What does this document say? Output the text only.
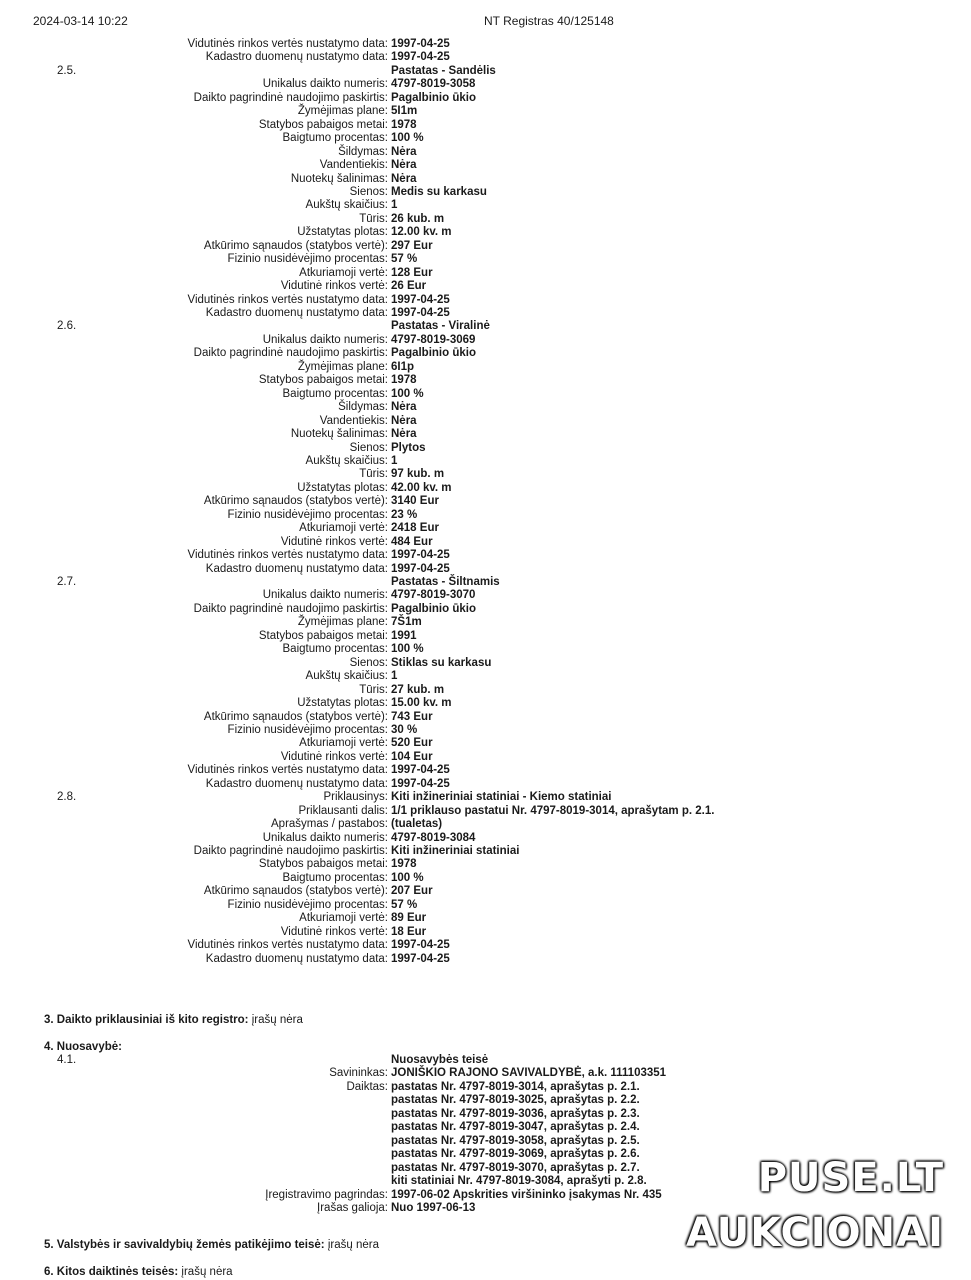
2024-03-14 10:22	NT Registras 40/125148
Vidutinės rinkos vertės nustatymo data: 1997-04-25
Kadastro duomenų nustatymo data: 1997-04-25
2.5.	Pastatas - Sandėlis
Unikalus daikto numeris: 4797-8019-3058
Daikto pagrindinė naudojimo paskirtis: Pagalbinio ūkio
Žymėjimas plane: 5I1m
Statybos pabaigos metai: 1978
Baigtumo procentas: 100 %
Šildymas: Nėra
Vandentiekis: Nėra
Nuotekų šalinimas: Nėra
Sienos: Medis su karkasu
Aukštų skaičius: 1
Tūris: 26 kub. m
Užstatytas plotas: 12.00 kv. m
Atkūrimo sąnaudos (statybos vertė): 297 Eur
Fizinio nusidėvėjimo procentas: 57 %
Atkuriamoji vertė: 128 Eur
Vidutinė rinkos vertė: 26 Eur
Vidutinės rinkos vertės nustatymo data: 1997-04-25
Kadastro duomenų nustatymo data: 1997-04-25
2.6.	Pastatas - Viralinė
Unikalus daikto numeris: 4797-8019-3069
Daikto pagrindinė naudojimo paskirtis: Pagalbinio ūkio
Žymėjimas plane: 6I1p
Statybos pabaigos metai: 1978
Baigtumo procentas: 100 %
Šildymas: Nėra
Vandentiekis: Nėra
Nuotekų šalinimas: Nėra
Sienos: Plytos
Aukštų skaičius: 1
Tūris: 97 kub. m
Užstatytas plotas: 42.00 kv. m
Atkūrimo sąnaudos (statybos vertė): 3140 Eur
Fizinio nusidėvėjimo procentas: 23 %
Atkuriamoji vertė: 2418 Eur
Vidutinė rinkos vertė: 484 Eur
Vidutinės rinkos vertės nustatymo data: 1997-04-25
Kadastro duomenų nustatymo data: 1997-04-25
2.7.	Pastatas - Šiltnamis
Unikalus daikto numeris: 4797-8019-3070
Daikto pagrindinė naudojimo paskirtis: Pagalbinio ūkio
Žymėjimas plane: 7Š1m
Statybos pabaigos metai: 1991
Baigtumo procentas: 100 %
Sienos: Stiklas su karkasu
Aukštų skaičius: 1
Tūris: 27 kub. m
Užstatytas plotas: 15.00 kv. m
Atkūrimo sąnaudos (statybos vertė): 743 Eur
Fizinio nusidėvėjimo procentas: 30 %
Atkuriamoji vertė: 520 Eur
Vidutinė rinkos vertė: 104 Eur
Vidutinės rinkos vertės nustatymo data: 1997-04-25
Kadastro duomenų nustatymo data: 1997-04-25
2.8.	Priklausinys: Kiti inžineriniai statiniai - Kiemo statiniai
Priklausanti dalis: 1/1 priklauso pastatui Nr. 4797-8019-3014, aprašytam p. 2.1.
Aprašymas / pastabos: (tualetas)
Unikalus daikto numeris: 4797-8019-3084
Daikto pagrindinė naudojimo paskirtis: Kiti inžineriniai statiniai
Statybos pabaigos metai: 1978
Baigtumo procentas: 100 %
Atkūrimo sąnaudos (statybos vertė): 207 Eur
Fizinio nusidėvėjimo procentas: 57 %
Atkuriamoji vertė: 89 Eur
Vidutinė rinkos vertė: 18 Eur
Vidutinės rinkos vertės nustatymo data: 1997-04-25
Kadastro duomenų nustatymo data: 1997-04-25
3. Daikto priklausiniai iš kito registro: įrašų nėra
4. Nuosavybė:
4.1.	Nuosavybės teisė
Savininkas: JONIŠKIO RAJONO SAVIVALDYBĖ, a.k. 111103351
Daiktas: pastatas Nr. 4797-8019-3014, aprašytas p. 2.1.
pastatas Nr. 4797-8019-3025, aprašytas p. 2.2.
pastatas Nr. 4797-8019-3036, aprašytas p. 2.3.
pastatas Nr. 4797-8019-3047, aprašytas p. 2.4.
pastatas Nr. 4797-8019-3058, aprašytas p. 2.5.
pastatas Nr. 4797-8019-3069, aprašytas p. 2.6.
pastatas Nr. 4797-8019-3070, aprašytas p. 2.7.
kiti statiniai Nr. 4797-8019-3084, aprašyti p. 2.8.
Įregistravimo pagrindas: 1997-06-02 Apskrities viršininko įsakymas Nr. 435
Įrašas galioja: Nuo 1997-06-13
5. Valstybės ir savivaldybių žemės patikėjimo teisė: įrašų nėra
6. Kitos daiktinės teisės: įrašų nėra
PUSE.LT
AUKCIONAI
